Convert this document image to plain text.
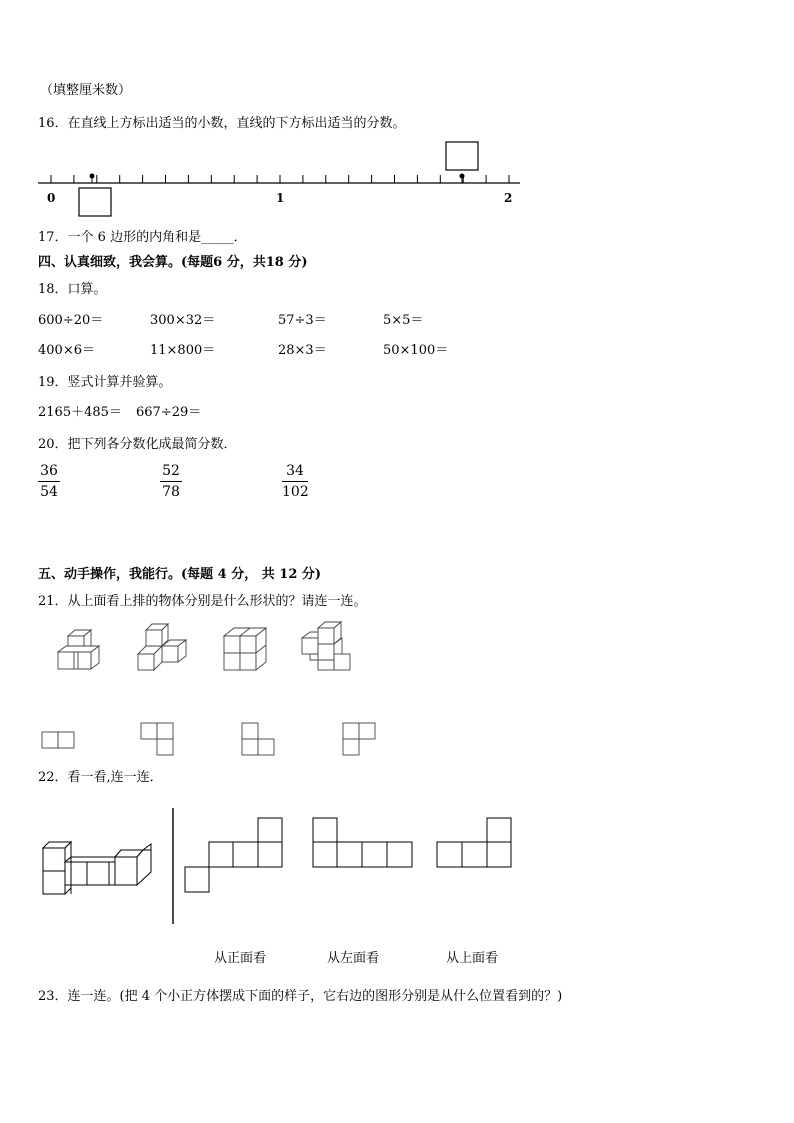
（填整厘米数）
16．在直线上方标出适当的小数，直线的下方标出适当的分数。
0	1	2
17．一个 6 边形的内角和是_____．
四、认真细致，我会算。(每题6 分，共18 分)
18．口算。
600÷20＝	300×32＝	57÷3＝	5×5＝
400×6＝	11×800＝	28×3＝	50×100＝
19．竖式计算并验算。
2165＋485＝ 667÷29＝
20．把下列各分数化成最简分数．
36
54
52
78
34
102
五、动手操作，我能行。(每题 4 分， 共 12 分)
21．从上面看上排的物体分别是什么形状的？请连一连。
22．看一看,连一连．
从正面看	从左面看	从上面看
23．连一连。(把 4 个小正方体摆成下面的样子，它右边的图形分别是从什么位置看到的？)
